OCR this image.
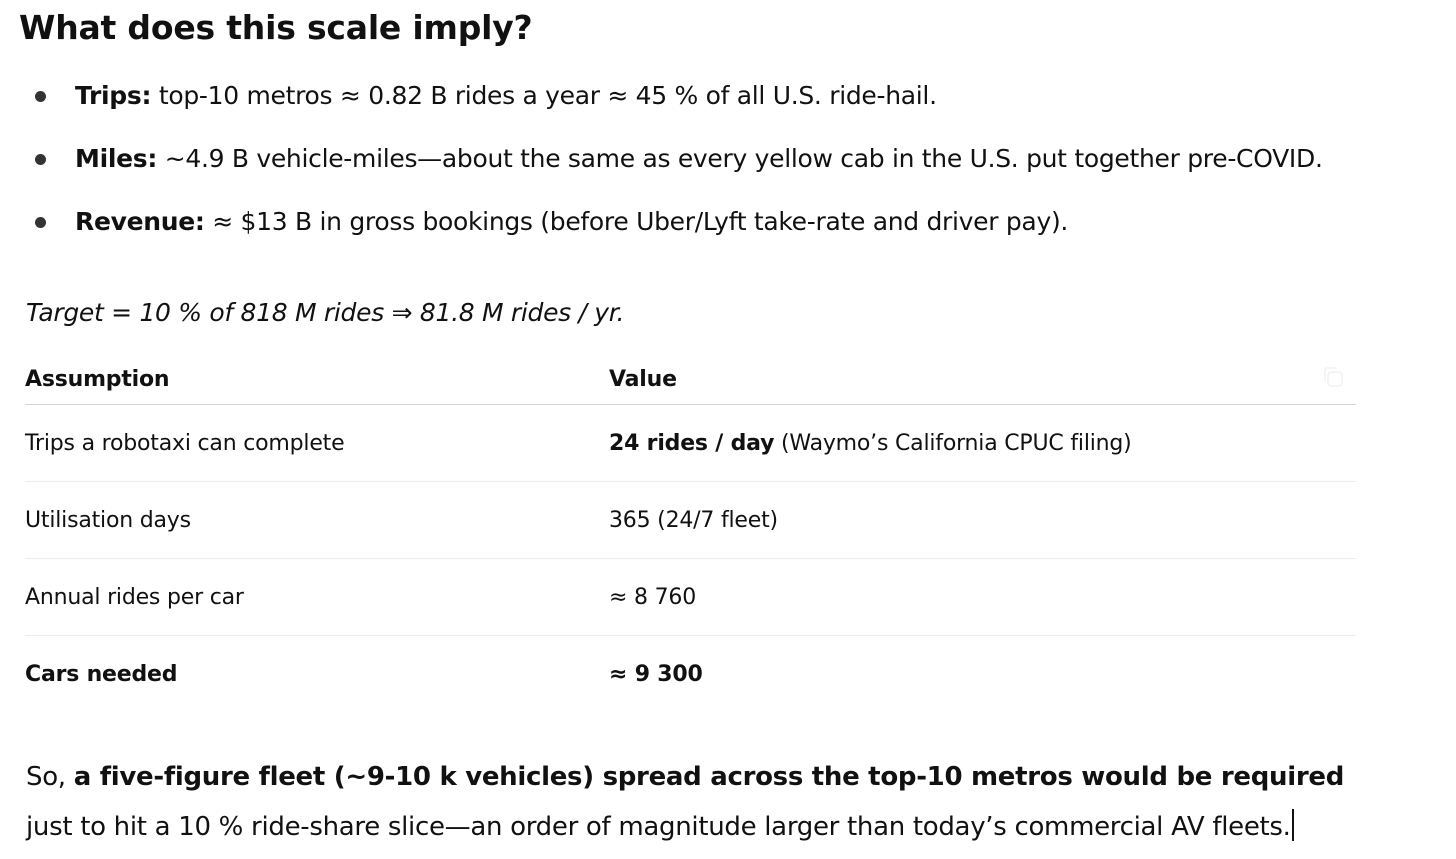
What does this scale imply?
Trips: top-10 metros ≈ 0.82 B rides a year ≈ 45 % of all U.S. ride-hail.
Miles: ~4.9 B vehicle-miles—about the same as every yellow cab in the U.S. put together pre-COVID.
Revenue: ≈ $13 B in gross bookings (before Uber/Lyft take-rate and driver pay).
Target = 10 % of 818 M rides ⇒ 81.8 M rides / yr.
Assumption	Value
Trips a robotaxi can complete	24 rides / day (Waymo’s California CPUC filing)
Utilisation days	365 (24/7 fleet)
Annual rides per car	≈ 8 760
Cars needed	≈ 9 300

So, a five-figure fleet (~9-10 k vehicles) spread across the top-10 metros would be required just to hit a 10 % ride-share slice—an order of magnitude larger than today’s commercial AV fleets.
